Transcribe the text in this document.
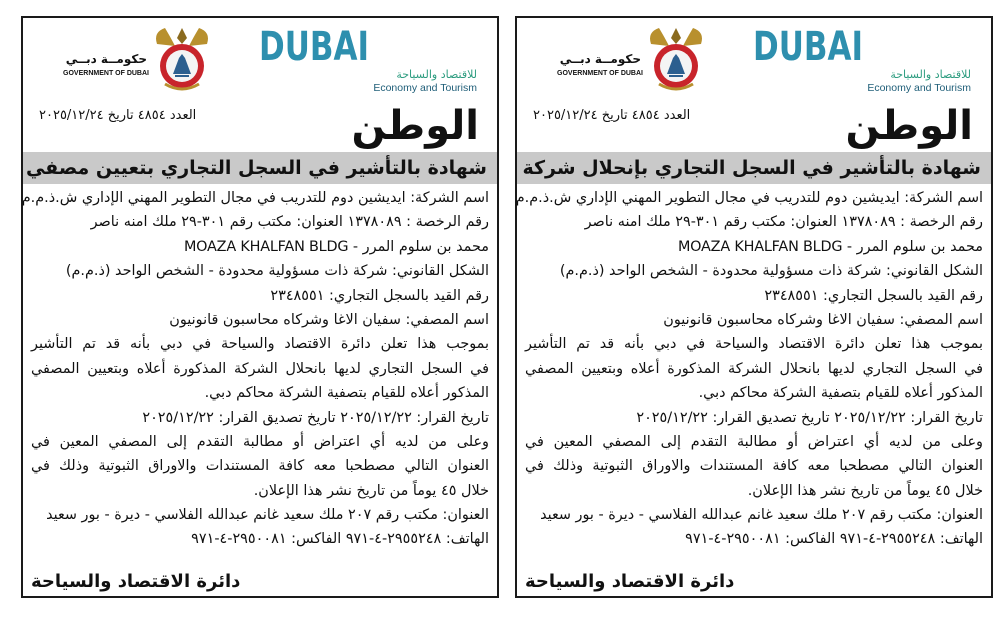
حكومــة دبــي
GOVERNMENT OF DUBAI
DUBAI
للاقتصاد والسياحة
Economy and Tourism
الوطن
العدد ٤٨٥٤ تاريخ ٢٠٢٥/١٢/٢٤
شهادة بالتأشير في السجل التجاري بتعيين مصفي
اسم الشركة: ايديشين دوم للتدريب في مجال التطوير المهني الإداري ش.ذ.م.م
رقم الرخصة : ١٣٧٨٠٨٩ العنوان: مكتب رقم ٣٠١-٢٩ ملك امنه ناصر
محمد بن سلوم المرر - MOAZA KHALFAN BLDG
الشكل القانوني: شركة ذات مسؤولية محدودة - الشخص الواحد (ذ.م.م)
رقم القيد بالسجل التجاري: ٢٣٤٨٥٥١
اسم المصفي: سفيان الاغا وشركاه محاسبون قانونيون
بموجب هذا تعلن دائرة الاقتصاد والسياحة في دبي بأنه قد تم التأشير
في السجل التجاري لديها بانحلال الشركة المذكورة أعلاه وبتعيين المصفي
المذكور أعلاه للقيام بتصفية الشركة محاكم دبي.
تاريخ القرار: ٢٠٢٥/١٢/٢٢ تاريخ تصديق القرار: ٢٠٢٥/١٢/٢٢
وعلى من لديه أي اعتراض أو مطالبة التقدم إلى المصفي المعين في
العنوان التالي مصطحبا معه كافة المستندات والاوراق الثبوتية وذلك في
خلال ٤٥ يوماً من تاريخ نشر هذا الإعلان.
العنوان: مكتب رقم ٢٠٧ ملك سعيد غانم عبدالله الفلاسي - ديرة - بور سعيد
الهاتف: ٢٩٥٥٢٤٨-٤-٩٧١ الفاكس: ٢٩٥٠٠٨١-٤-٩٧١
دائرة الاقتصاد والسياحة
حكومــة دبــي
GOVERNMENT OF DUBAI
DUBAI
للاقتصاد والسياحة
Economy and Tourism
الوطن
العدد ٤٨٥٤ تاريخ ٢٠٢٥/١٢/٢٤
شهادة بالتأشير في السجل التجاري بإنحلال شركة
اسم الشركة: ايديشين دوم للتدريب في مجال التطوير المهني الإداري ش.ذ.م.م
رقم الرخصة : ١٣٧٨٠٨٩ العنوان: مكتب رقم ٣٠١-٢٩ ملك امنه ناصر
محمد بن سلوم المرر - MOAZA KHALFAN BLDG
الشكل القانوني: شركة ذات مسؤولية محدودة - الشخص الواحد (ذ.م.م)
رقم القيد بالسجل التجاري: ٢٣٤٨٥٥١
اسم المصفي: سفيان الاغا وشركاه محاسبون قانونيون
بموجب هذا تعلن دائرة الاقتصاد والسياحة في دبي بأنه قد تم التأشير
في السجل التجاري لديها بانحلال الشركة المذكورة أعلاه وبتعيين المصفي
المذكور أعلاه للقيام بتصفية الشركة محاكم دبي.
تاريخ القرار: ٢٠٢٥/١٢/٢٢ تاريخ تصديق القرار: ٢٠٢٥/١٢/٢٢
وعلى من لديه أي اعتراض أو مطالبة التقدم إلى المصفي المعين في
العنوان التالي مصطحبا معه كافة المستندات والاوراق الثبوتية وذلك في
خلال ٤٥ يوماً من تاريخ نشر هذا الإعلان.
العنوان: مكتب رقم ٢٠٧ ملك سعيد غانم عبدالله الفلاسي - ديرة - بور سعيد
الهاتف: ٢٩٥٥٢٤٨-٤-٩٧١ الفاكس: ٢٩٥٠٠٨١-٤-٩٧١
دائرة الاقتصاد والسياحة
